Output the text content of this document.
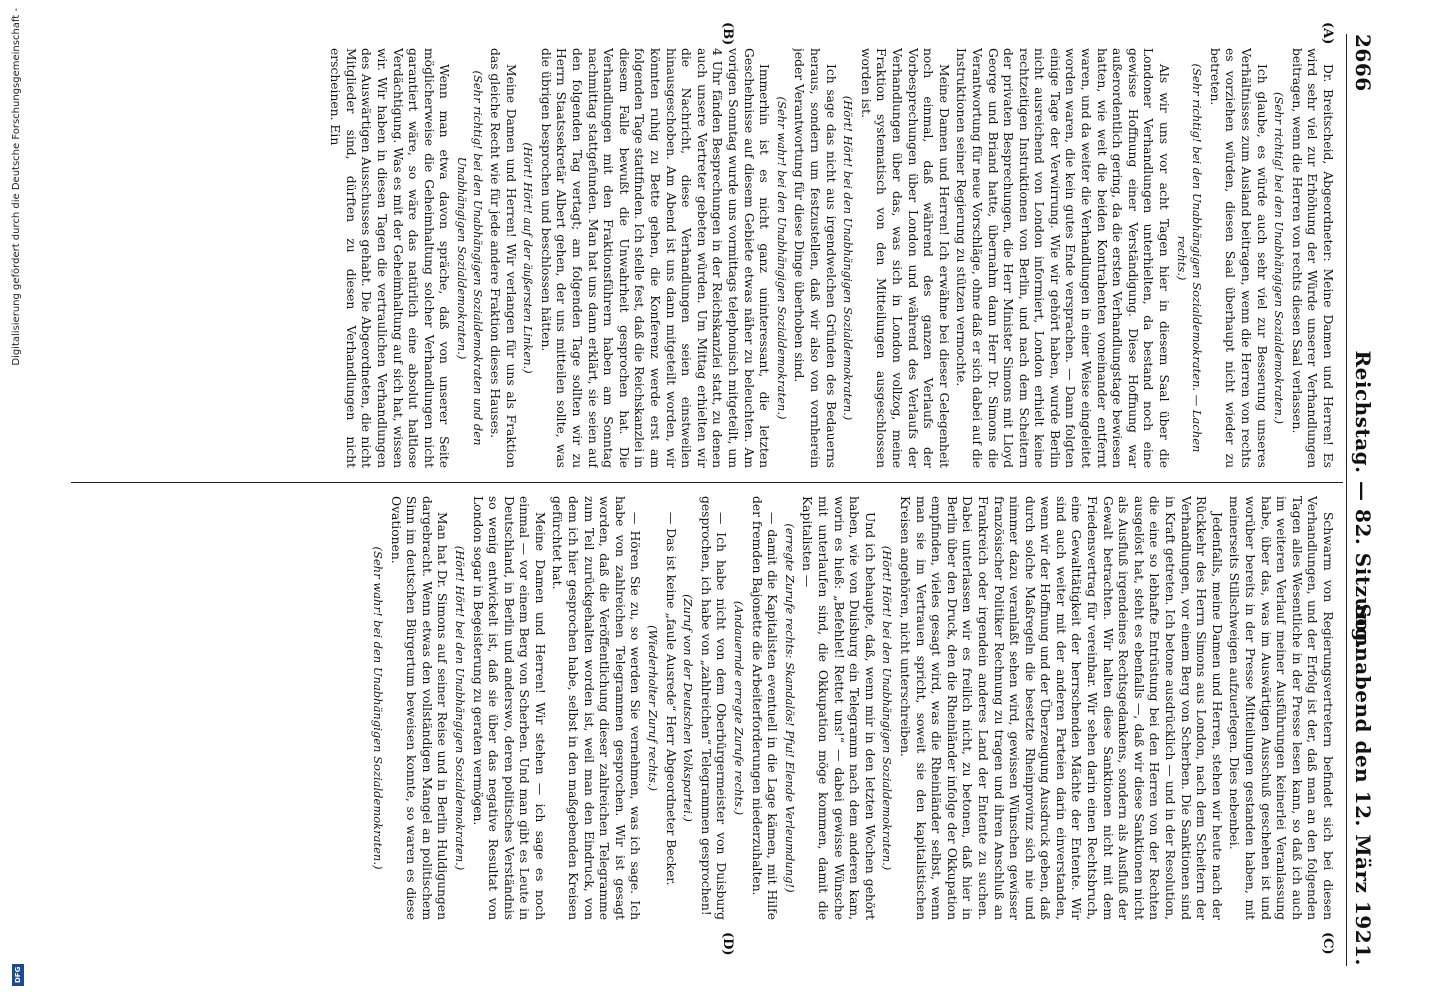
Digitalisierung gefördert durch die Deutsche Forschungsgemeinschaft -
DFG
2666
Reichstag. — 82. Sitzung.
Sonnabend den 12. März 1921.
(A)
(B)
(C)
(D)

Dr. Breitscheid, Abgeordneter: Meine Damen und Herren! Es wird sehr viel zur Erhöhung der Würde unserer Verhandlungen beitragen, wenn die Herren von rechts diesen Saal verlassen.

(Sehr richtig! bei den Unabhängigen Sozialdemokraten.)

Ich glaube, es würde auch sehr viel zur Besserung unseres Verhältnisses zum Ausland beitragen, wenn die Herren von rechts es vorziehen würden, diesen Saal überhaupt nicht wieder zu betreten.

(Sehr richtig! bei den Unabhängigen Sozialdemokraten. — Lachen rechts.)

Als wir uns vor acht Tagen hier in diesem Saal über die Londoner Verhandlungen unterhielten, da bestand noch eine gewisse Hoffnung einer Verständigung. Diese Hoffnung war außerordentlich gering, da die ersten Verhandlungstage bewiesen hatten, wie weit die beiden Kontrahenten voneinander entfernt waren, und da weiter die Verhandlungen in einer Weise eingeleitet worden waren, die kein gutes Ende versprachen. — Dann folgten einige Tage der Verwirrung. Wie wir gehört haben, wurde Berlin nicht ausreichend von London informiert, London erhielt keine rechtzeitigen Instruktionen von Berlin, und nach dem Scheitern der privaten Besprechungen, die Herr Minister Simons mit Lloyd George und Briand hatte, übernahm dann Herr Dr. Simons die Verantwortung für neue Vorschläge, ohne daß er sich dabei auf die Instruktionen seiner Regierung zu stützen vermochte.

Meine Damen und Herren! Ich erwähne bei dieser Gelegenheit noch einmal, daß während des ganzen Verlaufs der Vorbesprechungen über London und während des Verlaufs der Verhandlungen über das, was sich in London vollzog, meine Fraktion systematisch von den Mitteilungen ausgeschlossen worden ist.

(Hört! Hört! bei den Unabhängigen Sozialdemokraten.)

Ich sage das nicht aus irgendwelchen Gründen des Bedauerns heraus, sondern um festzustellen, daß wir also von vornherein jeder Verantwortung für diese Dinge überhoben sind.

(Sehr wahr! bei den Unabhängigen Sozialdemokraten.)

Immerhin ist es nicht ganz uninteressant, die letzten Geschehnisse auf diesem Gebiete etwas näher zu beleuchten. Am vorigen Sonntag wurde uns vormittags telephonisch mitgeteilt, um 4 Uhr fänden Besprechungen in der Reichskanzlei statt, zu denen auch unsere Vertreter gebeten würden. Um Mittag erhielten wir die Nachricht, diese Verhandlungen seien einstweilen hinausgeschoben. Am Abend ist uns dann mitgeteilt worden, wir könnten ruhig zu Bette gehen, die Konferenz werde erst am folgenden Tage stattfinden. Ich stelle fest, daß die Reichskanzlei in diesem Falle bewußt die Unwahrheit gesprochen hat. Die Verhandlungen mit den Fraktionsführern haben am Sonntag nachmittag stattgefunden. Man hat uns dann erklärt, sie seien auf den folgenden Tag vertagt; am folgenden Tage sollten wir zu Herrn Staatssekretär Albert gehen, der uns mitteilen sollte, was die übrigen besprochen und beschlossen hätten.

(Hört! Hört! auf der äußersten Linken.)

Meine Damen und Herren! Wir verlangen für uns als Fraktion das gleiche Recht wie für jede andere Fraktion dieses Hauses.

(Sehr richtig! bei den Unabhängigen Sozialdemokraten und den Unabhängigen Sozialdemokraten.)

Wenn man etwa davon spräche, daß von unserer Seite möglicherweise die Geheimhaltung solcher Verhandlungen nicht garantiert wäre, so wäre das natürlich eine absolut haltlose Verdächtigung. Was es mit der Geheimhaltung auf sich hat, wissen wir. Wir haben in diesen Tagen die vertraulichen Verhandlungen des Auswärtigen Ausschusses gehabt. Die Abgeordneten, die nicht Mitglieder sind, dürften zu diesen Verhandlungen nicht erscheinen. Ein

Schwarm von Regierungsvertretern befindet sich bei diesen Verhandlungen, und der Erfolg ist der, daß man an den folgenden Tagen alles Wesentliche in der Presse lesen kann, so daß ich auch im weiteren Verlauf meiner Ausführungen keinerlei Veranlassung habe, über das, was im Auswärtigen Ausschuß geschehen ist und worüber bereits in der Presse Mitteilungen gestanden haben, mit meinerseits Stillschweigen aufzuerlegen. Dies nebenbei.

Jedenfalls, meine Damen und Herren, stehen wir heute nach der Rückkehr des Herrn Simons aus London, nach dem Scheitern der Verhandlungen, vor einem Berg von Scherben. Die Sanktionen sind in Kraft getreten. Ich betone ausdrücklich — und in der Resolution, die eine so lebhafte Entrüstung bei den Herren von der Rechten ausgelöst hat, steht es ebenfalls —, daß wir diese Sanktionen nicht als Ausfluß irgendeines Rechtsgedankens, sondern als Ausfluß der Gewalt betrachten. Wir halten diese Sanktionen nicht mit dem Friedensvertrag für vereinbar. Wir sehen darin einen Rechtsbruch, eine Gewalttätigkeit der herrschenden Mächte der Entente. Wir sind auch weiter mit der anderen Parteien darin einverstanden, wenn wir der Hoffnung und der Überzeugung Ausdruck geben, daß durch solche Maßregeln die besetzte Rheinprovinz sich nie und nimmer dazu veranlaßt sehen wird, gewissen Wünschen gewisser französischer Politiker Rechnung zu tragen und ihren Anschluß an Frankreich oder irgendein anderes Land der Entente zu suchen. Dabei unterlassen wir es freilich nicht, zu betonen, daß hier in Berlin über den Druck, den die Rheinländer infolge der Okkupation empfinden, vieles gesagt wird, was die Rheinländer selbst, wenn man sie im Vertrauen spricht, soweit sie den kapitalistischen Kreisen angehören, nicht unterschreiben.

(Hört! Hört! bei den Unabhängigen Sozialdemokraten.)

Und ich behaupte, daß, wenn mir in den letzten Wochen gehört haben, wie von Duisburg ein Telegramm nach dem anderen kam, worin es hieß: „Befehlet! Rettet uns!“ — dabei gewisse Wünsche mit unterlaufen sind, die Okkupation möge kommen, damit die Kapitalisten —

(erregte Zurufe rechts: Skandalös! Pfui! Elende Verleumdung!)

— damit die Kapitalisten eventuell in die Lage kämen, mit Hilfe der fremden Bajonette die Arbeiterforderungen niederzuhalten.

(Andauernde erregte Zurufe rechts.)

— Ich habe nicht von dem Oberbürgermeister von Duisburg gesprochen, ich habe von „zahlreichen“ Telegrammen gesprochen!

(Zuruf von der Deutschen Volkspartei.)

— Das ist keine „faule Ausrede“ Herr Abgeordneter Becker.

(Wiederholter Zuruf rechts.)

— Hören Sie zu, so werden Sie vernehmen, was ich sage. Ich habe von zahlreichen Telegrammen gesprochen. Wir ist gesagt worden, daß die Veröffentlichung dieser zahlreichen Telegramme zum Teil zurückgehalten worden ist, weil man den Eindruck, von dem ich hier gesprochen habe, selbst in den maßgebenden Kreisen gefürchtet hat.

Meine Damen und Herren! Wir stehen — ich sage es noch einmal — vor einem Berg von Scherben. Und man gibt es Leute in Deutschland, in Berlin und anderswo, deren politisches Verständnis so wenig entwickelt ist, daß sie über das negative Resultat von London sogar in Begeisterung zu geraten vermögen.

(Hört! Hört! bei den Unabhängigen Sozialdemokraten.)

Man hat Dr. Simons auf seiner Reise und in Berlin Huldigungen dargebracht. Wenn etwas den vollständigen Mangel an politischem Sinn im deutschen Bürgertum beweisen konnte, so waren es diese Ovationen.

(Sehr wahr! bei den Unabhängigen Sozialdemokraten.)
